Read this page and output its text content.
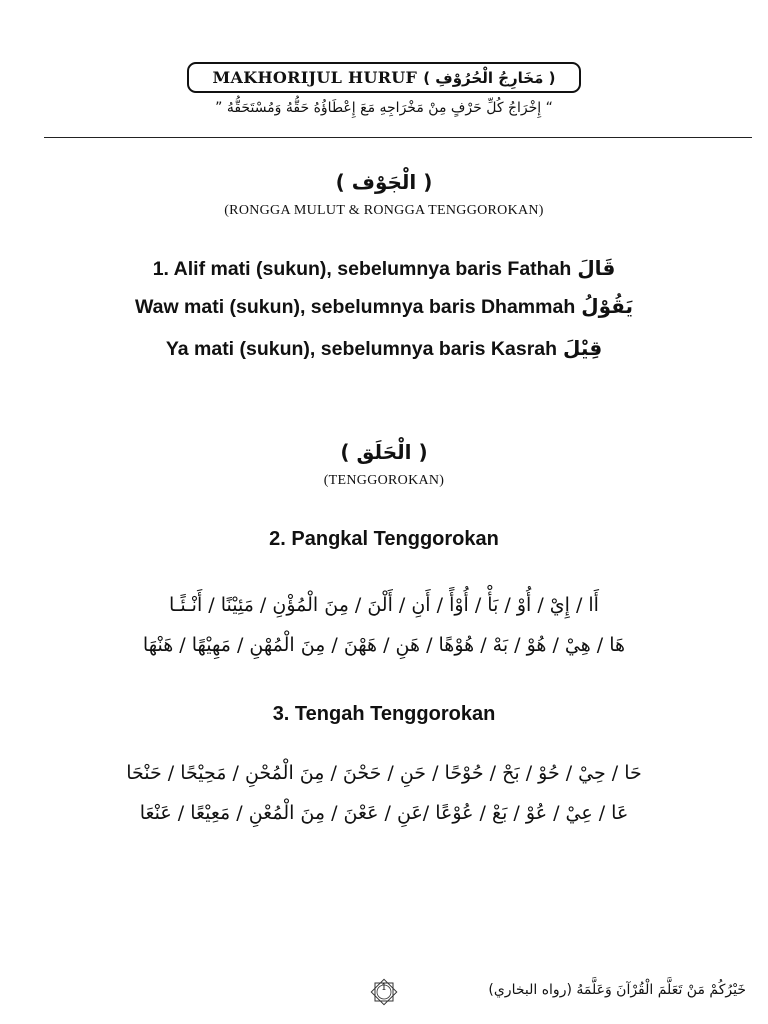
MAKHORIJUL HURUF ( مَخَارِجُ الْحُرُوْفِ )
“ إِخْرَاجُ كُلِّ حَرْفٍ مِنْ مَخْرَاجِهِ مَعَ إِعْطَاؤُهُ حَقُّهُ وَمُسْتَحَقُّهُ ”
( الْجَوْف )
(RONGGA MULUT & RONGGA TENGGOROKAN)
1. Alif mati (sukun), sebelumnya baris Fathah قَالَ
Waw mati (sukun), sebelumnya baris Dhammah يَقُوْلُ
Ya mati (sukun), sebelumnya baris Kasrah قِيْلَ
( الْحَلَق )
(TENGGOROKAN)
2. Pangkal Tenggorokan
أَا / إِيْ / أُوْ / بَأْ / أُوْأً / أَنِ / أَلْنَ / مِنَ الْمُؤْنِ / مَئِيْنًا / أَنْـئًـا
هَا / هِيْ / هُوْ / بَهْ / هُوْهًا / هَنِ / هَهْنَ / مِنَ الْمُهْنِ / مَهِيْهًا / هَنْهَا
3. Tengah Tenggorokan
حَا / حِيْ / حُوْ / بَحْ / حُوْحًا / حَنِ / حَحْنَ / مِنَ الْمُحْنِ / مَحِيْحًا / حَنْحَا
عَا / عِيْ / عُوْ / بَعْ / عُوْعًا /عَنِ / عَعْنَ / مِنَ الْمُعْنِ / مَعِيْعًا / عَنْعَا
1	خَيْرُكُمْ مَنْ تَعَلَّمَ الْقُرْآنَ وَعَلَّمَهُ (رواه البخاري)
